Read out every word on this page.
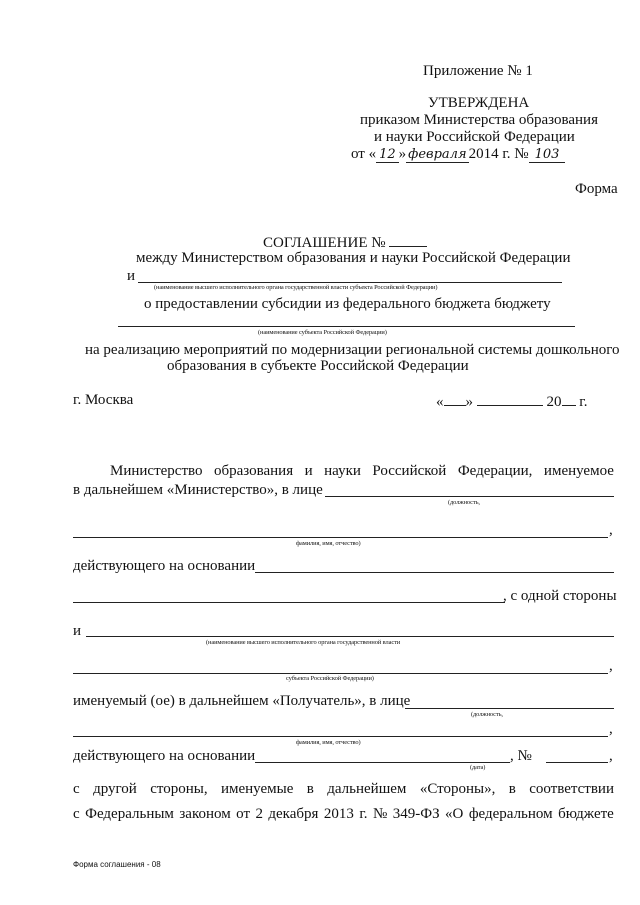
Приложение № 1
УТВЕРЖДЕНА
приказом Министерства образования
и науки Российской Федерации
от « 12 » февраля 2014 г. № 103
Форма
СОГЛАШЕНИЕ №
между Министерством образования и науки Российской Федерации
и
(наименование высшего исполнительного органа государственной власти субъекта Российской Федерации)
о предоставлении субсидии из федерального бюджета бюджету
(наименование субъекта Российской Федерации)
на реализацию мероприятий по модернизации региональной системы дошкольного
образования в субъекте Российской Федерации
г. Москва	« »	20 г.
Министерство образования и науки Российской Федерации, именуемое
в дальнейшем «Министерство», в лице
(должность,
,
фамилия, имя, отчество)
действующего на основании
, с одной стороны
и
(наименование высшего исполнительного органа государственной власти
,
субъекта Российской Федерации)
именуемый (ое) в дальнейшем «Получатель», в лице
(должность,
,
фамилия, имя, отчество)
действующего на основании	, №	,
(дата)
с другой стороны, именуемые в дальнейшем «Стороны», в соответствии
с Федеральным законом от 2 декабря 2013 г. № 349-ФЗ «О федеральном бюджете
Форма соглашения - 08
